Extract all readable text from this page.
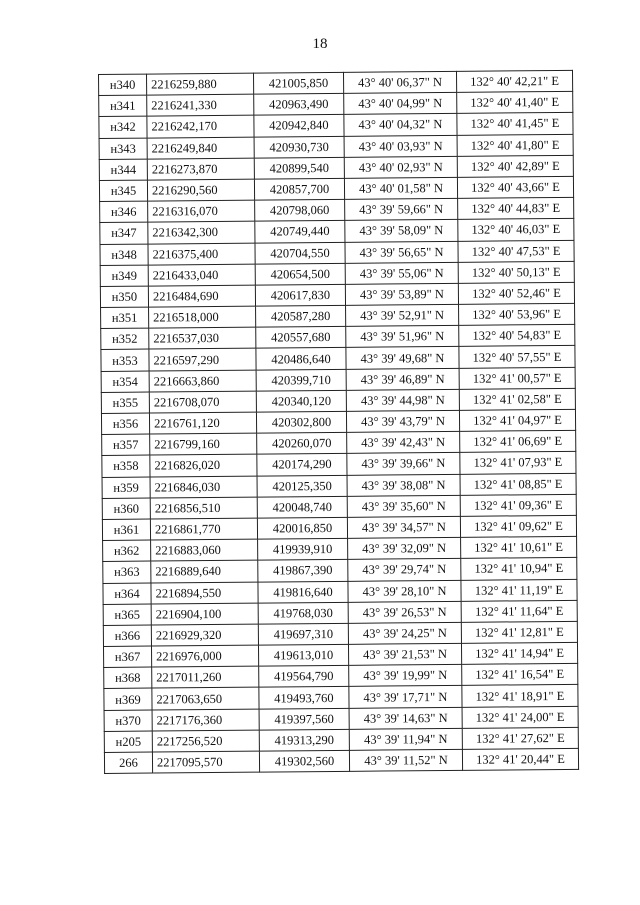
18
н340	2216259,880	421005,850	43° 40' 06,37" N	132° 40' 42,21" E
н341	2216241,330	420963,490	43° 40' 04,99" N	132° 40' 41,40" E
н342	2216242,170	420942,840	43° 40' 04,32" N	132° 40' 41,45" E
н343	2216249,840	420930,730	43° 40' 03,93" N	132° 40' 41,80" E
н344	2216273,870	420899,540	43° 40' 02,93" N	132° 40' 42,89" E
н345	2216290,560	420857,700	43° 40' 01,58" N	132° 40' 43,66" E
н346	2216316,070	420798,060	43° 39' 59,66" N	132° 40' 44,83" E
н347	2216342,300	420749,440	43° 39' 58,09" N	132° 40' 46,03" E
н348	2216375,400	420704,550	43° 39' 56,65" N	132° 40' 47,53" E
н349	2216433,040	420654,500	43° 39' 55,06" N	132° 40' 50,13" E
н350	2216484,690	420617,830	43° 39' 53,89" N	132° 40' 52,46" E
н351	2216518,000	420587,280	43° 39' 52,91" N	132° 40' 53,96" E
н352	2216537,030	420557,680	43° 39' 51,96" N	132° 40' 54,83" E
н353	2216597,290	420486,640	43° 39' 49,68" N	132° 40' 57,55" E
н354	2216663,860	420399,710	43° 39' 46,89" N	132° 41' 00,57" E
н355	2216708,070	420340,120	43° 39' 44,98" N	132° 41' 02,58" E
н356	2216761,120	420302,800	43° 39' 43,79" N	132° 41' 04,97" E
н357	2216799,160	420260,070	43° 39' 42,43" N	132° 41' 06,69" E
н358	2216826,020	420174,290	43° 39' 39,66" N	132° 41' 07,93" E
н359	2216846,030	420125,350	43° 39' 38,08" N	132° 41' 08,85" E
н360	2216856,510	420048,740	43° 39' 35,60" N	132° 41' 09,36" E
н361	2216861,770	420016,850	43° 39' 34,57" N	132° 41' 09,62" E
н362	2216883,060	419939,910	43° 39' 32,09" N	132° 41' 10,61" E
н363	2216889,640	419867,390	43° 39' 29,74" N	132° 41' 10,94" E
н364	2216894,550	419816,640	43° 39' 28,10" N	132° 41' 11,19" E
н365	2216904,100	419768,030	43° 39' 26,53" N	132° 41' 11,64" E
н366	2216929,320	419697,310	43° 39' 24,25" N	132° 41' 12,81" E
н367	2216976,000	419613,010	43° 39' 21,53" N	132° 41' 14,94" E
н368	2217011,260	419564,790	43° 39' 19,99" N	132° 41' 16,54" E
н369	2217063,650	419493,760	43° 39' 17,71" N	132° 41' 18,91" E
н370	2217176,360	419397,560	43° 39' 14,63" N	132° 41' 24,00" E
н205	2217256,520	419313,290	43° 39' 11,94" N	132° 41' 27,62" E
266	2217095,570	419302,560	43° 39' 11,52" N	132° 41' 20,44" E
